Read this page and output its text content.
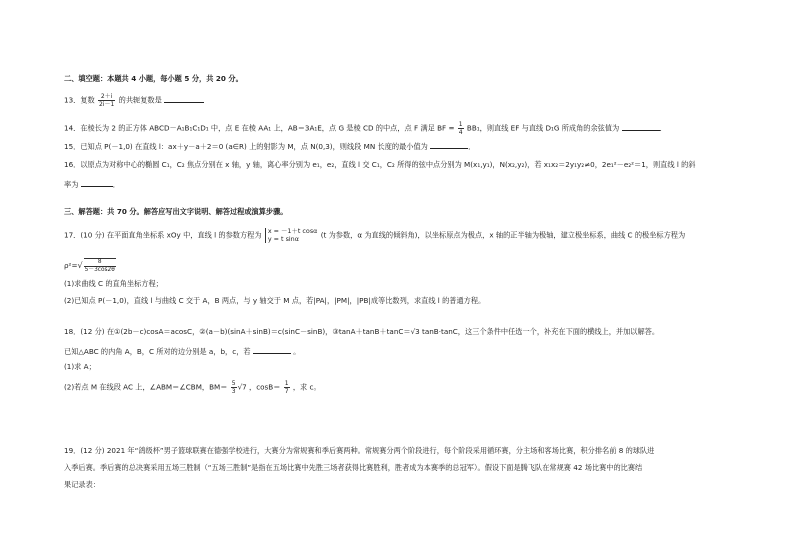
二、填空题：本题共 4 小题，每小题 5 分，共 20 分。
13．复数 $\frac{2+i}{2i-1}$ 的共轭复数是
14．在棱长为 2 的正方体 ABCD－A₁B₁C₁D₁ 中，点 E 在棱 AA₁ 上，AB＝3A₁E，点 G 是棱 CD 的中点，点 F 满足 BF = $\frac{1}{4} BB_1$，则直线 EF 与直线 D₁G 所成角的余弦值为	．
15．已知点 P(－1,0) 在直线 l：ax＋y－a＋2＝0 (a∈R) 上的射影为 M，点 N(0,3)，则线段 MN 长度的最小值为	．
16．以原点为对称中心的椭圆 C₁，C₂ 焦点分别在 x 轴，y 轴，离心率分别为 e₁，e₂，直线 l 交 C₁，C₂ 所得的弦中点分别为 M(x₁,y₁)，N(x₂,y₂)，若 x₁x₂＝2y₁y₂≠0，2e₁²－e₂²＝1，则直线 l 的斜
率为	．
三、解答题：共 70 分。解答应写出文字说明、解答过程或演算步骤。
17．(10 分) 在平面直角坐标系 xOy 中，直线 l 的参数方程为 x = －1＋t cosα
y = t sinα	(t 为参数，α 为直线的倾斜角)，以坐标原点为极点，x 轴的正半轴为极轴，建立极坐标系，曲线 C 的极坐标方程为
$\rho^2=√ \frac{8}{5-3\cos 2\theta}$
(1)求曲线 C 的直角坐标方程；
(2)已知点 P(－1,0)，直线 l 与曲线 C 交于 A，B 两点，与 y 轴交于 M 点，若|PA|，|PM|，|PB|成等比数列，求直线 l 的普通方程。
18．(12 分) 在①(2b－c)cosA＝acosC，②(a－b)(sinA＋sinB)＝c(sinC－sinB)，③tanA＋tanB＋tanC＝√3 tanB·tanC，这三个条件中任选一个，补充在下面的横线上，并加以解答。
已知△ABC 的内角 A，B，C 所对的边分别是 a，b，c，若	。
(1)求 A；
(2)若点 M 在线段 AC 上，∠ABM＝∠CBM，$BM= \frac{5}{3} √7$ ，$\cos B= \frac{1}{7}$ ，求 c。
19．(12 分) 2021 年“鸽级杯”男子篮球联赛在德强学校进行，大赛分为常规赛和季后赛两种。常规赛分两个阶段进行，每个阶段采用循环赛，分主场和客场比赛，积分排名前 8 的球队进
入季后赛。季后赛的总决赛采用五场三胜制（“五场三胜制”是指在五场比赛中先胜三场者获得比赛胜利，胜者成为本赛季的总冠军）。假设下面是腾飞队在常规赛 42 场比赛中的比赛结
果记录表：
